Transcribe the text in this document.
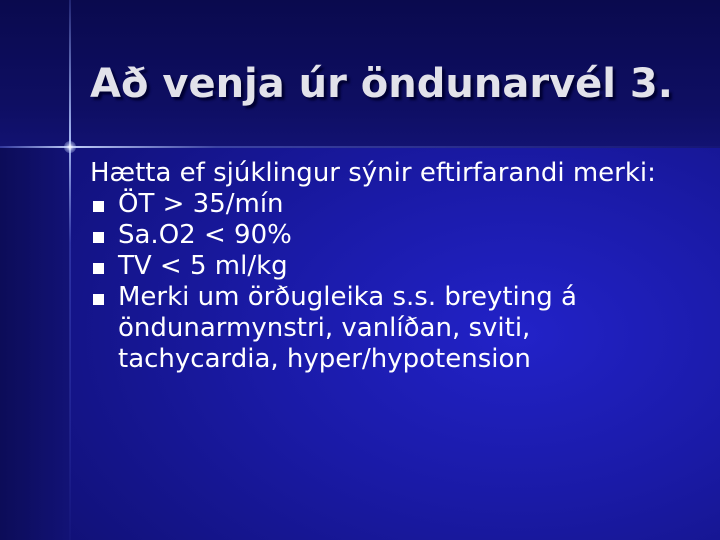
Að venja úr öndunarvél 3.

Hætta ef sjúklingur sýnir eftirfarandi merki:

ÖT > 35/mín
Sa.O2 < 90%
TV < 5 ml/kg
Merki um örðugleika s.s. breyting á öndunarmynstri, vanlíðan, sviti, tachycardia, hyper/hypotension
